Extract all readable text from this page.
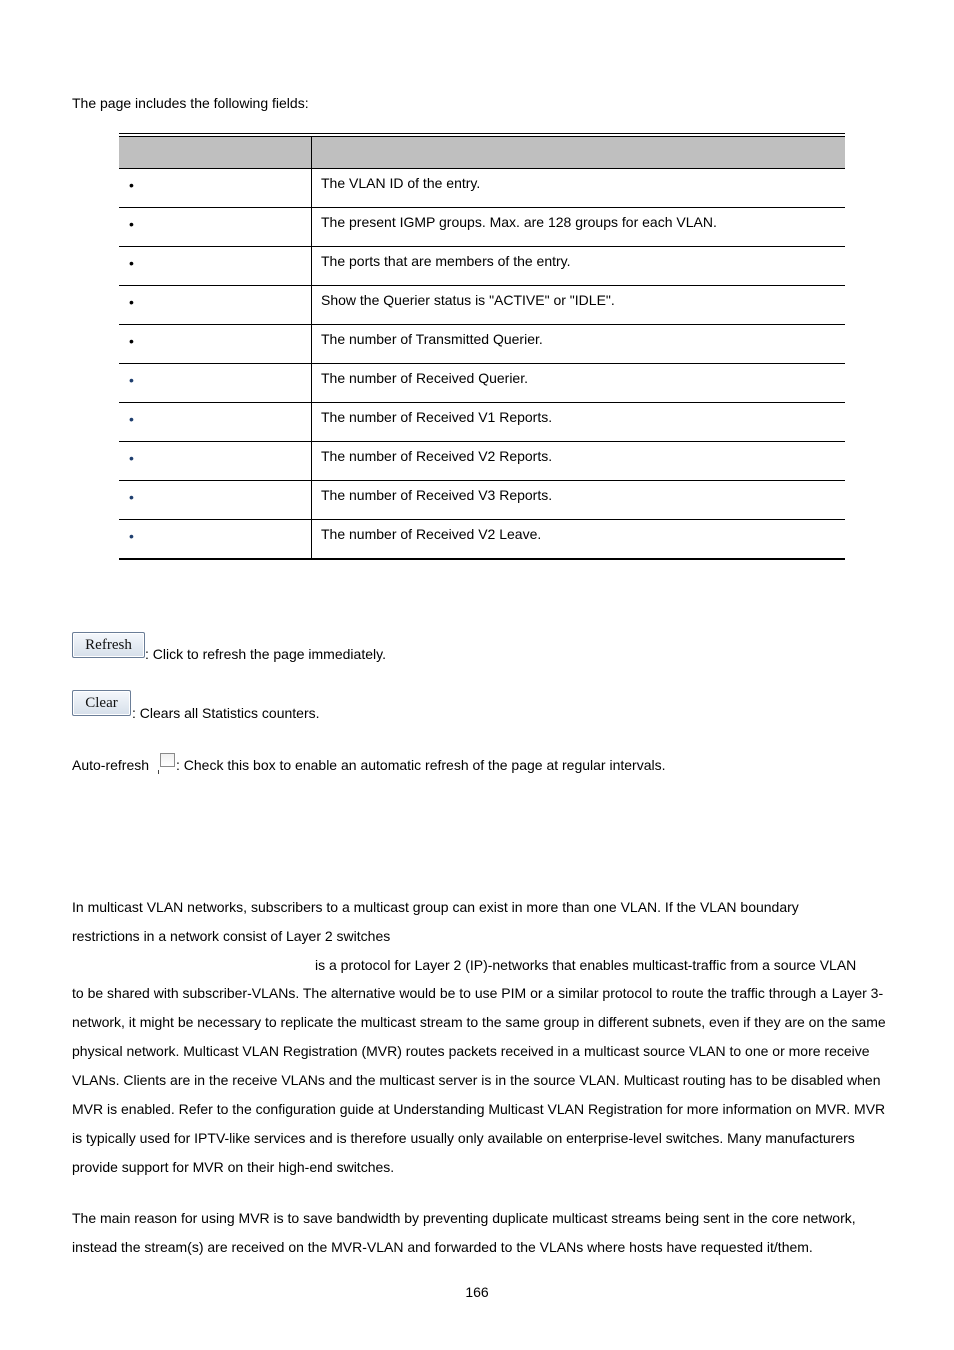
The page includes the following fields:
•	The VLAN ID of the entry.
•	The present IGMP groups. Max. are 128 groups for each VLAN.
•	The ports that are members of the entry.
•	Show the Querier status is "ACTIVE" or "IDLE".
•	The number of Transmitted Querier.
•	The number of Received Querier.
•	The number of Received V1 Reports.
•	The number of Received V2 Reports.
•	The number of Received V3 Reports.
•	The number of Received V2 Leave.
Refresh
: Click to refresh the page immediately.
Clear
: Clears all Statistics counters.
Auto-refresh : Check this box to enable an automatic refresh of the page at regular intervals.
In multicast VLAN networks, subscribers to a multicast group can exist in more than one VLAN. If the VLAN boundary
restrictions in a network consist of Layer 2 switches
is a protocol for Layer 2 (IP)-networks that enables multicast-traffic from a source VLAN
to be shared with subscriber-VLANs. The alternative would be to use PIM or a similar protocol to route the traffic through a Layer 3- network, it might be necessary to replicate the multicast stream to the same group in different subnets, even if they are on the same physical network. Multicast VLAN Registration (MVR) routes packets received in a multicast source VLAN to one or more receive VLANs. Clients are in the receive VLANs and the multicast server is in the source VLAN. Multicast routing has to be disabled when MVR is enabled. Refer to the configuration guide at Understanding Multicast VLAN Registration for more information on MVR. MVR is typically used for IPTV-like services and is therefore usually only available on enterprise-level switches. Many manufacturers provide support for MVR on their high-end switches.
The main reason for using MVR is to save bandwidth by preventing duplicate multicast streams being sent in the core network, instead the stream(s) are received on the MVR-VLAN and forwarded to the VLANs where hosts have requested it/them.
166
